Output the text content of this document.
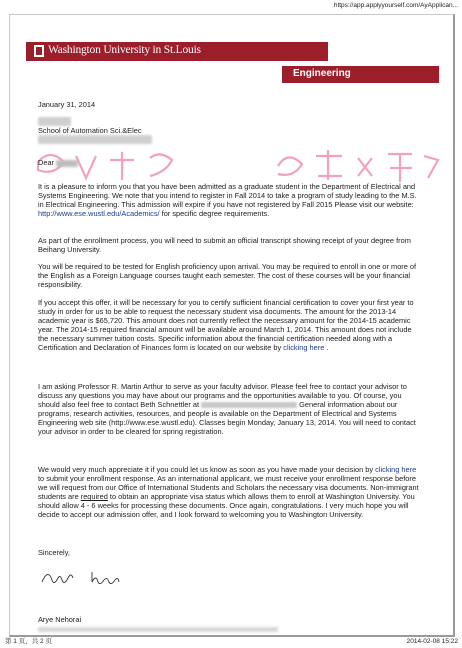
https://app.applyyourself.com/AyApplican...
Washington University in St.Louis
Engineering
January 31, 2014

School of Automation Sci.&Elec

Dear
It is a pleasure to inform you that you have been admitted as a graduate student in the Department of Electrical and Systems Engineering. We note that you intend to register in Fall 2014 to take a program of study leading to the M.S. in Electrical Engineering. This admission will expire if you have not registered by Fall 2015 Please visit our website: http://www.ese.wustl.edu/Academics/ for specific degree requirements.
As part of the enrollment process, you will need to submit an official transcript showing receipt of your degree from Beihang University.
You will be required to be tested for English proficiency upon arrival. You may be required to enroll in one or more of the English as a Foreign Language courses taught each semester. The cost of these courses will be your financial responsibility.
If you accept this offer, it will be necessary for you to certify sufficient financial certification to cover your first year to study in order for us to be able to request the necessary student visa documents. The amount for the 2013-14 academic year is $65,720. This amount does not currently reflect the necessary amount for the 2014-15 academic year. The 2014-15 required financial amount will be available around March 1, 2014. This amount does not include the necessary summer tuition costs. Specific information about the financial certification needed along with a Certification and Declaration of Finances form is located on our website by clicking here .
I am asking Professor R. Martin Arthur to serve as your faculty advisor. Please feel free to contact your advisor to discuss any questions you may have about our programs and the opportunities available to you. Of course, you should also feel free to contact Beth Schnettler at	General information about our programs, research activities, resources, and people is available on the Department of Electrical and Systems Engineering web site (http://www.ese.wustl.edu). Classes begin Monday, January 13, 2014. You will need to contact your advisor in order to be cleared for spring registration.
We would very much appreciate it if you could let us know as soon as you have made your decision by clicking here to submit your enrollment response. As an international applicant, we must receive your enrollment response before we will request from our Office of International Students and Scholars the necessary visa documents. Non-immigrant students are required to obtain an appropriate visa status which allows them to enroll at Washington University. You should allow 4 - 6 weeks for processing these documents. Once again, congratulations. I very much hope you will decide to accept our admission offer, and I look forward to welcoming you to Washington University.
Sincerely,
Arye Nehorai
第 1 页，共 2 页	2014-02-08 15:22
